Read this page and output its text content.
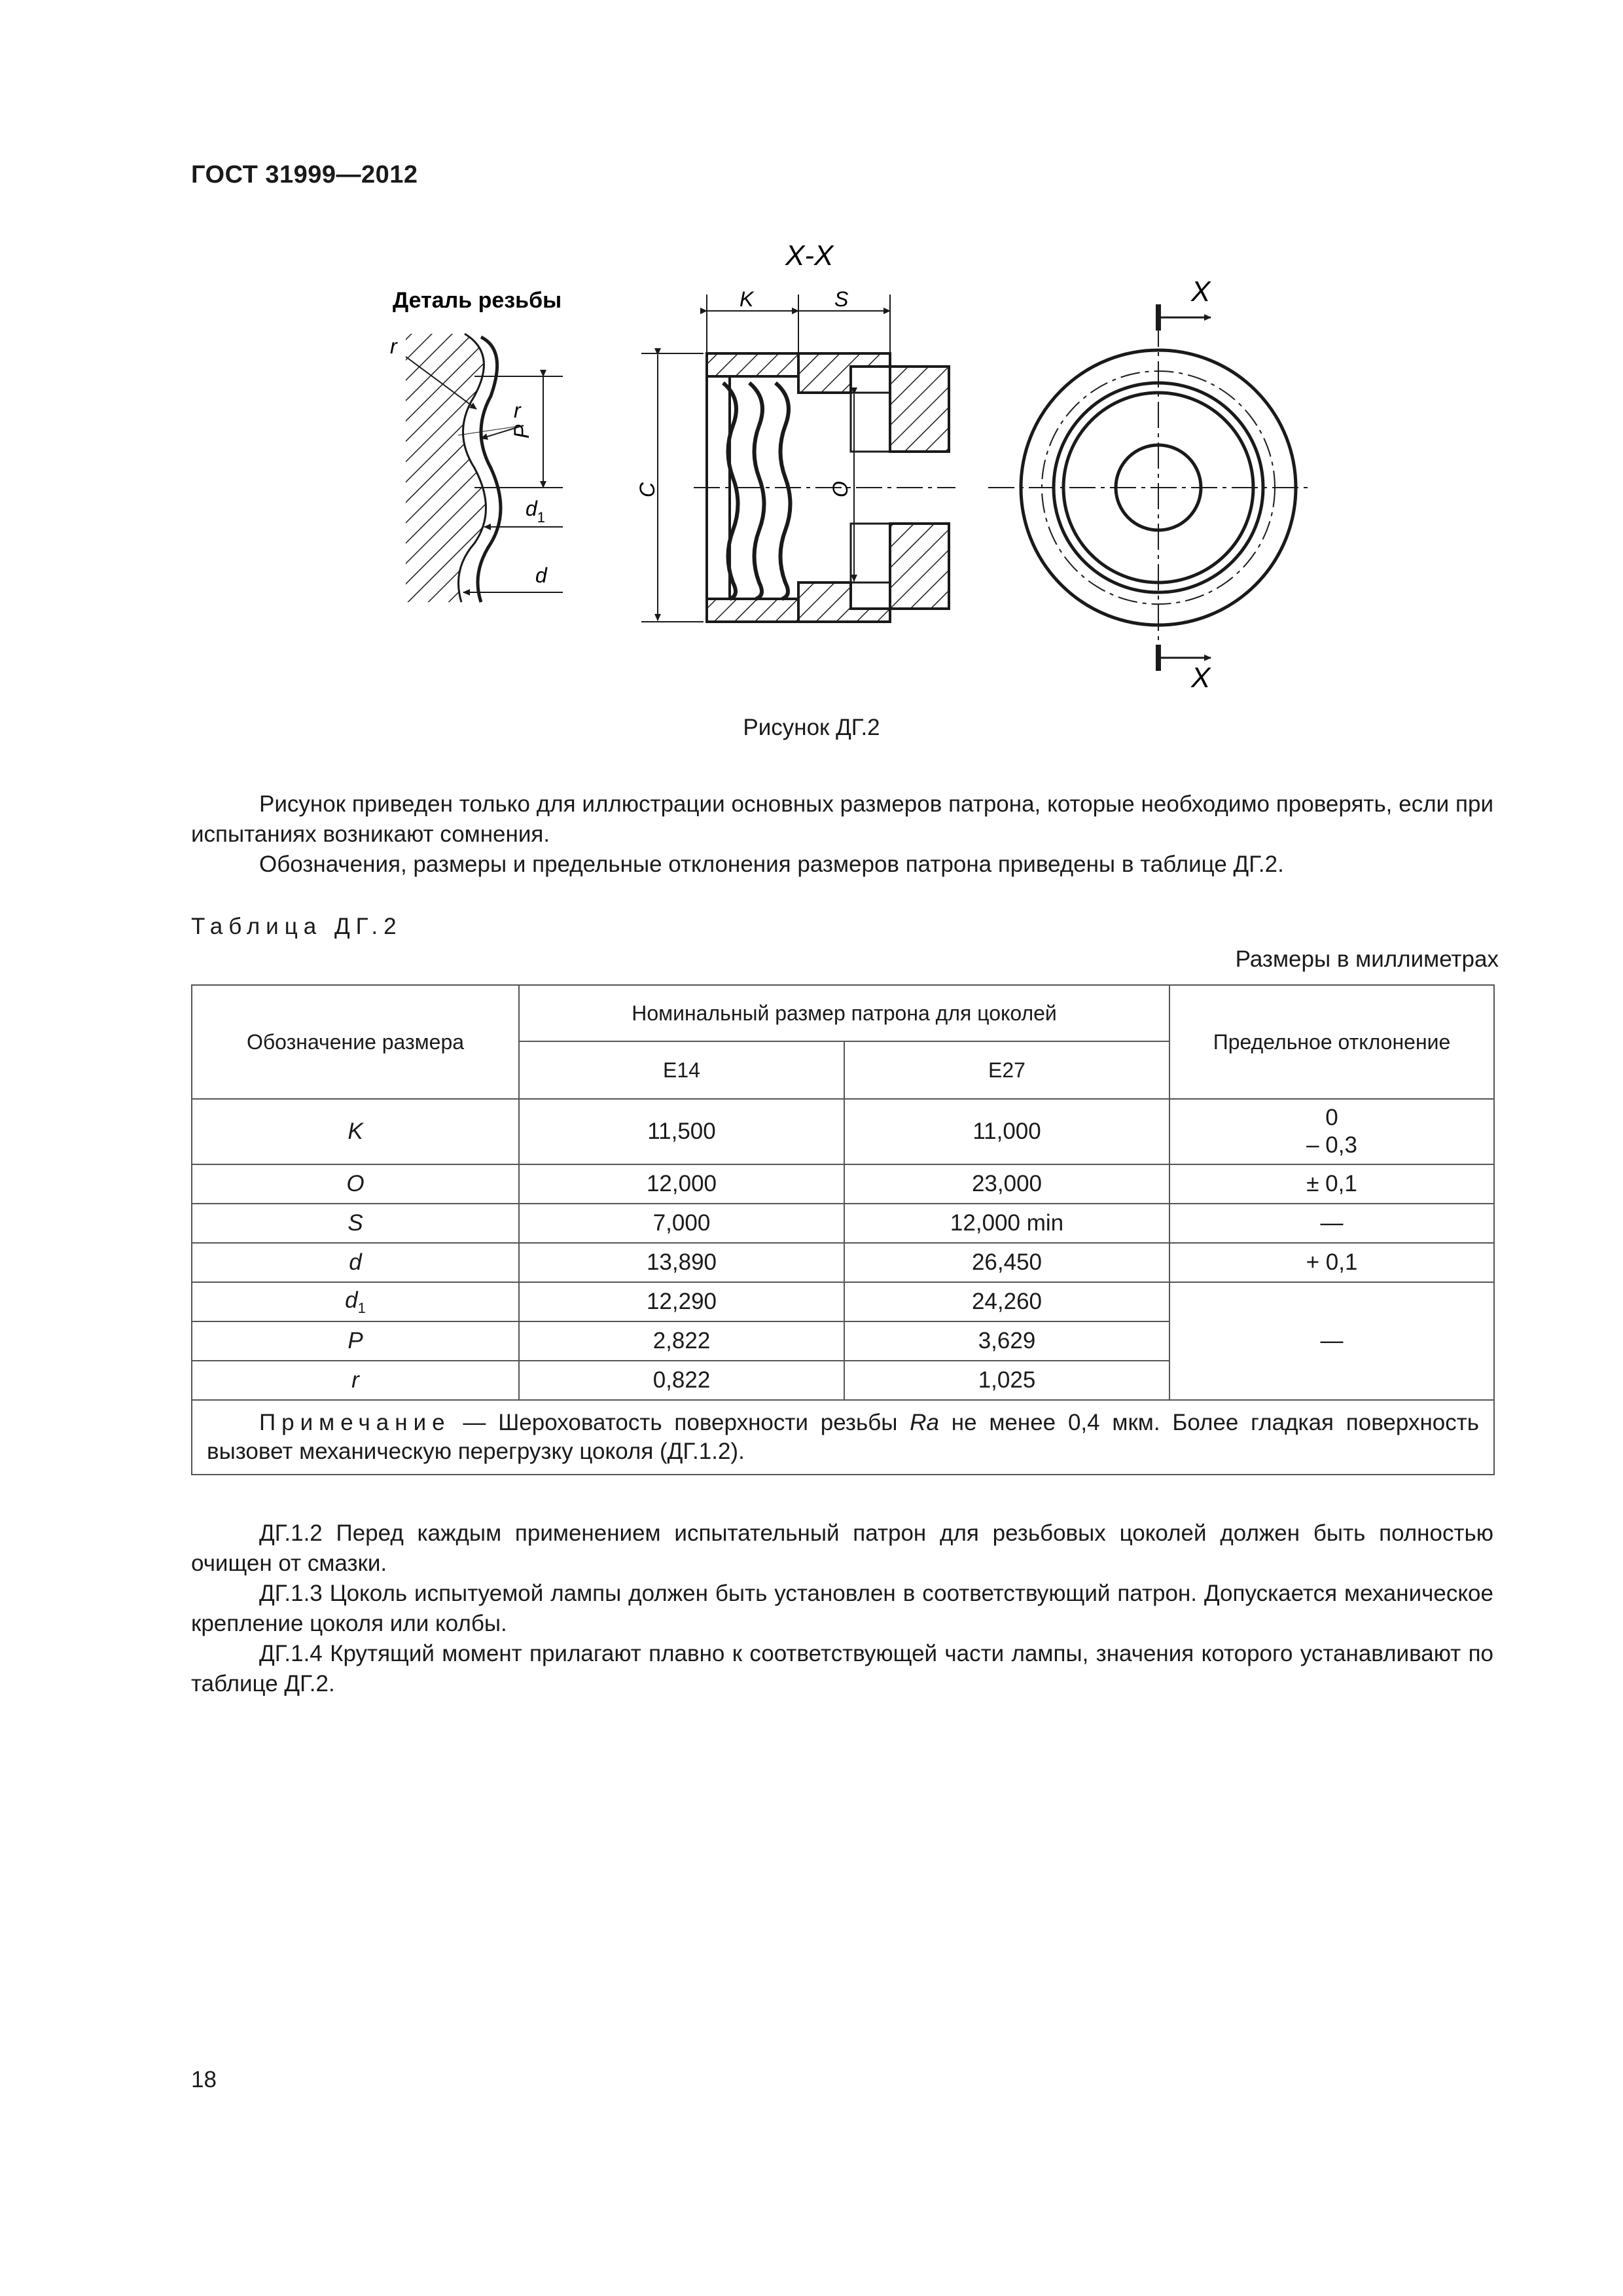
ГОСТ 31999—2012
Деталь резьбы
P
r
r
$d_1$
d
X-X
K	S
C	O
X
X
Рисунок ДГ.2

Рисунок приведен только для иллюстрации основных размеров патрона, которые необходимо проверять, если при испытаниях возникают сомнения.

Обозначения, размеры и предельные отклонения размеров патрона приведены в таблице ДГ.2.

Таблица ДГ.2
Размеры в миллиметрах
Обозначение размера	Номинальный размер патрона для цоколей		Предельное отклонение
	E14	E27	
K	11,500	11,000	0
– 0,3

O	12,000	23,000	± 0,1
S	7,000	12,000 min	—
d	13,890	26,450	+ 0,1
$d_1$	12,290	24,260	—
P	2,822	3,629	
r	0,822	1,025	
Примечание — Шероховатость поверхности резьбы Ra не менее 0,4 мкм. Более гладкая поверхность вызовет механическую перегрузку цоколя (ДГ.1.2).			

ДГ.1.2 Перед каждым применением испытательный патрон для резьбовых цоколей должен быть полностью очищен от смазки.

ДГ.1.3 Цоколь испытуемой лампы должен быть установлен в соответствующий патрон. Допускается механическое крепление цоколя или колбы.

ДГ.1.4 Крутящий момент прилагают плавно к соответствующей части лампы, значения которого устанавливают по таблице ДГ.2.

18
